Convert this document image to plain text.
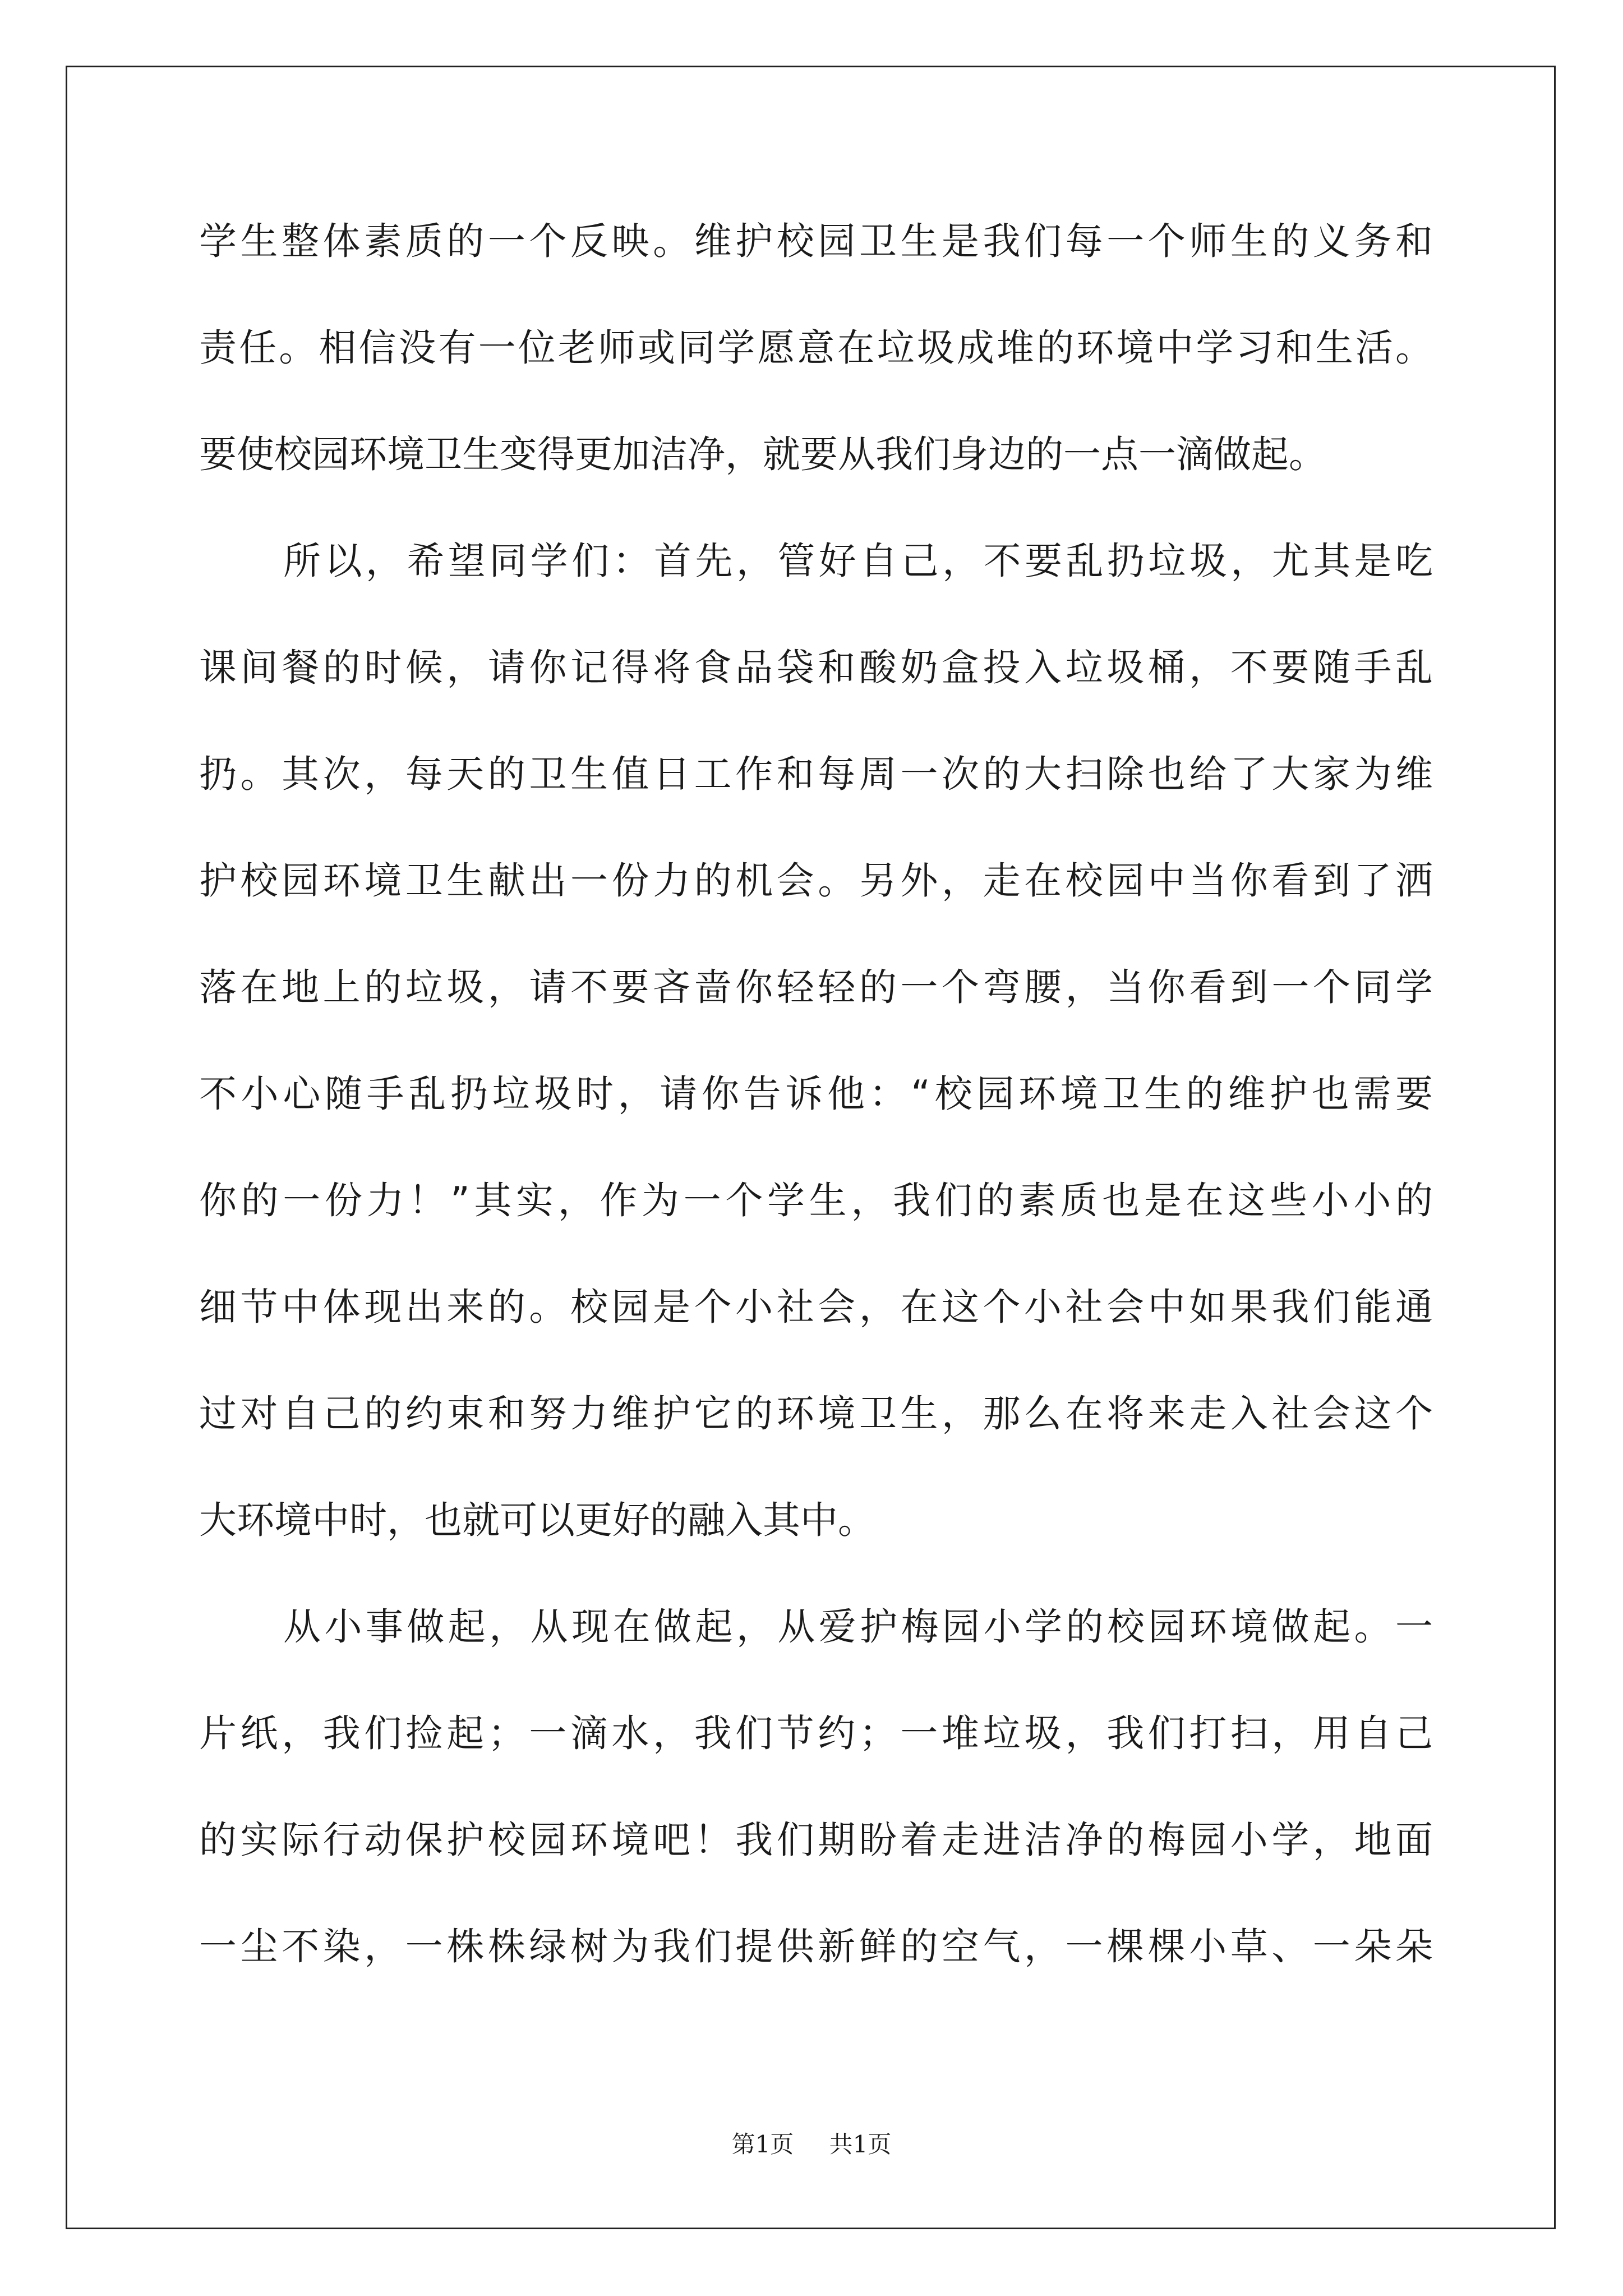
学生整体素质的一个反映。维护校园卫生是我们每一个师生的义务和
责任。相信没有一位老师或同学愿意在垃圾成堆的环境中学习和生活。
要使校园环境卫生变得更加洁净，就要从我们身边的一点一滴做起。
所以，希望同学们：首先，管好自己，不要乱扔垃圾，尤其是吃
课间餐的时候，请你记得将食品袋和酸奶盒投入垃圾桶，不要随手乱
扔。其次，每天的卫生值日工作和每周一次的大扫除也给了大家为维
护校园环境卫生献出一份力的机会。另外，走在校园中当你看到了洒
落在地上的垃圾，请不要吝啬你轻轻的一个弯腰，当你看到一个同学
不小心随手乱扔垃圾时，请你告诉他：“校园环境卫生的维护也需要
你的一份力！”其实，作为一个学生，我们的素质也是在这些小小的
细节中体现出来的。校园是个小社会，在这个小社会中如果我们能通
过对自己的约束和努力维护它的环境卫生，那么在将来走入社会这个
大环境中时，也就可以更好的融入其中。
从小事做起，从现在做起，从爱护梅园小学的校园环境做起。一
片纸，我们捡起；一滴水，我们节约；一堆垃圾，我们打扫，用自己
的实际行动保护校园环境吧！我们期盼着走进洁净的梅园小学，地面
一尘不染，一株株绿树为我们提供新鲜的空气，一棵棵小草、一朵朵
第1页 共1页
